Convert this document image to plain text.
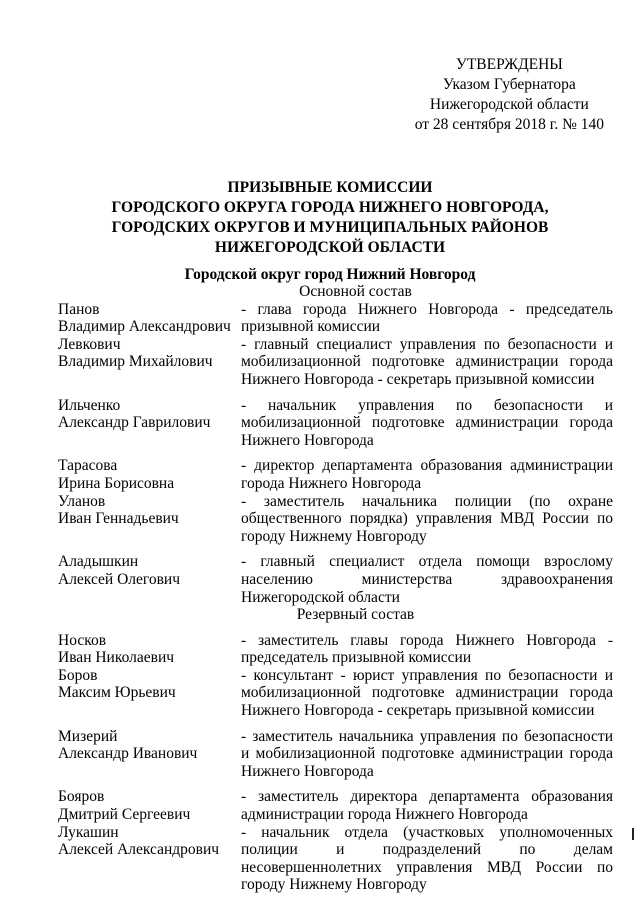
УТВЕРЖДЕНЫ
Указом Губернатора
Нижегородской области
от 28 сентября 2018 г. № 140
ПРИЗЫВНЫЕ КОМИССИИ
ГОРОДСКОГО ОКРУГА ГОРОДА НИЖНЕГО НОВГОРОДА,
ГОРОДСКИХ ОКРУГОВ И МУНИЦИПАЛЬНЫХ РАЙОНОВ
НИЖЕГОРОДСКОЙ ОБЛАСТИ
Городской округ город Нижний Новгород
Основной состав
Панов
Владимир Александрович
- глава города Нижнего Новгорода - председатель призывной комиссии
Левкович
Владимир Михайлович
- главный специалист управления по безопасности и мобилизационной подготовке администрации города Нижнего Новгорода - секретарь призывной комиссии
Ильченко
Александр Гаврилович
- начальник управления по безопасности и мобилизационной подготовке администрации города Нижнего Новгорода
Тарасова
Ирина Борисовна
- директор департамента образования администрации города Нижнего Новгорода
Уланов
Иван Геннадьевич
- заместитель начальника полиции (по охране общественного порядка) управления МВД России по городу Нижнему Новгороду
Аладышкин
Алексей Олегович
- главный специалист отдела помощи взрослому населению министерства здравоохранения Нижегородской области
Резервный состав
Носков
Иван Николаевич
- заместитель главы города Нижнего Новгорода - председатель призывной комиссии
Боров
Максим Юрьевич
- консультант - юрист управления по безопасности и мобилизационной подготовке администрации города Нижнего Новгорода - секретарь призывной комиссии
Мизерий
Александр Иванович
- заместитель начальника управления по безопасности и мобилизационной подготовке администрации города Нижнего Новгорода
Бояров
Дмитрий Сергеевич
- заместитель директора департамента образования администрации города Нижнего Новгорода
Лукашин
Алексей Александрович
- начальник отдела (участковых уполномоченных полиции и подразделений по делам несовершеннолетних управления МВД России по городу Нижнему Новгороду
